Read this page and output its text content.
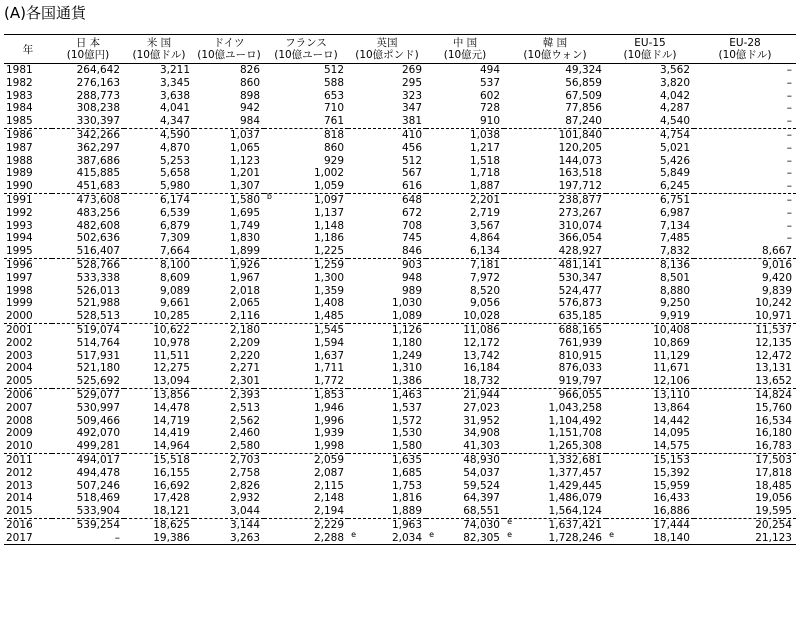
(A)各国通貨
年	日 本	米 国	ドイツ	フランス	英国	中 国	韓 国	EU-15	EU-28
	(10億円)	(10億ドル)	(10億ユーロ)	(10億ユーロ)	(10億ポンド)	(10億元)	(10億ウォン)	(10億ドル)	(10億ドル)
1981	264,642	3,211	826	512	269	494	49,324	3,562	–
1982	276,163	3,345	860	588	295	537	56,859	3,820	–
1983	288,773	3,638	898	653	323	602	67,509	4,042	–
1984	308,238	4,041	942	710	347	728	77,856	4,287	–
1985	330,397	4,347	984	761	381	910	87,240	4,540	–
1986	342,266	4,590	1,037	818	410	1,038	101,840	4,754	–
1987	362,297	4,870	1,065	860	456	1,217	120,205	5,021	–
1988	387,686	5,253	1,123	929	512	1,518	144,073	5,426	–
1989	415,885	5,658	1,201	1,002	567	1,718	163,518	5,849	–
1990	451,683	5,980	1,307	1,059	616	1,887	197,712	6,245	–
1991	473,608	6,174	1,580 b	1,097	648	2,201	238,877	6,751	–
1992	483,256	6,539	1,695	1,137	672	2,719	273,267	6,987	–
1993	482,608	6,879	1,749	1,148	708	3,567	310,074	7,134	–
1994	502,636	7,309	1,830	1,186	745	4,864	366,054	7,485	–
1995	516,407	7,664	1,899	1,225	846	6,134	428,927	7,832	8,667
1996	528,766	8,100	1,926	1,259	903	7,181	481,141	8,136	9,016
1997	533,338	8,609	1,967	1,300	948	7,972	530,347	8,501	9,420
1998	526,013	9,089	2,018	1,359	989	8,520	524,477	8,880	9,839
1999	521,988	9,661	2,065	1,408	1,030	9,056	576,873	9,250	10,242
2000	528,513	10,285	2,116	1,485	1,089	10,028	635,185	9,919	10,971
2001	519,074	10,622	2,180	1,545	1,126	11,086	688,165	10,408	11,537
2002	514,764	10,978	2,209	1,594	1,180	12,172	761,939	10,869	12,135
2003	517,931	11,511	2,220	1,637	1,249	13,742	810,915	11,129	12,472
2004	521,180	12,275	2,271	1,711	1,310	16,184	876,033	11,671	13,131
2005	525,692	13,094	2,301	1,772	1,386	18,732	919,797	12,106	13,652
2006	529,077	13,856	2,393	1,853	1,463	21,944	966,055	13,110	14,824
2007	530,997	14,478	2,513	1,946	1,537	27,023	1,043,258	13,864	15,760
2008	509,466	14,719	2,562	1,996	1,572	31,952	1,104,492	14,442	16,534
2009	492,070	14,419	2,460	1,939	1,530	34,908	1,151,708	14,095	16,180
2010	499,281	14,964	2,580	1,998	1,580	41,303	1,265,308	14,575	16,783
2011	494,017	15,518	2,703	2,059	1,635	48,930	1,332,681	15,153	17,503
2012	494,478	16,155	2,758	2,087	1,685	54,037	1,377,457	15,392	17,818
2013	507,246	16,692	2,826	2,115	1,753	59,524	1,429,445	15,959	18,485
2014	518,469	17,428	2,932	2,148	1,816	64,397	1,486,079	16,433	19,056
2015	533,904	18,121	3,044	2,194	1,889	68,551	1,564,124	16,886	19,595
2016	539,254	18,625	3,144	2,229	1,963	74,030 e	1,637,421	17,444	20,254
2017	–	19,386	3,263	2,288 e	2,034 e	82,305 e	1,728,246 e	18,140	21,123
